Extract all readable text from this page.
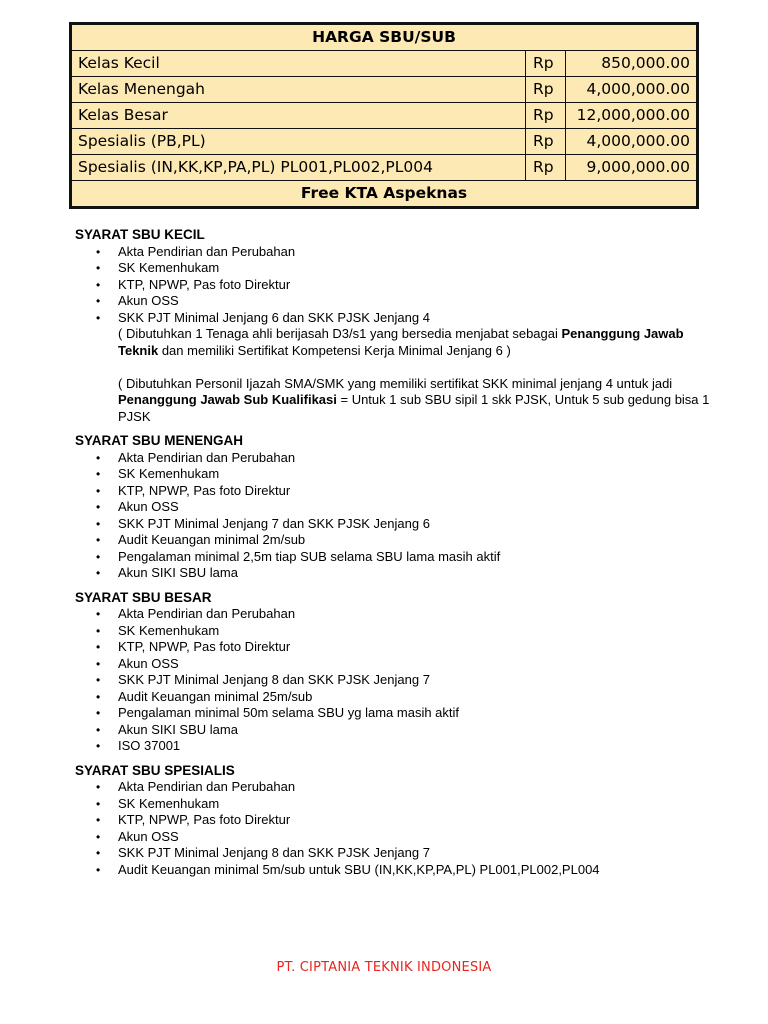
HARGA SBU/SUB		
Kelas Kecil	Rp	850,000.00
Kelas Menengah	Rp	4,000,000.00
Kelas Besar	Rp	12,000,000.00
Spesialis (PB,PL)	Rp	4,000,000.00
Spesialis (IN,KK,KP,PA,PL) PL001,PL002,PL004	Rp	9,000,000.00
Free KTA Aspeknas		

SYARAT SBU KECIL

• Akta Pendirian dan Perubahan
• SK Kemenhukam
• KTP, NPWP, Pas foto Direktur
• Akun OSS
• SKK PJT Minimal Jenjang 6 dan SKK PJSK Jenjang 4
( Dibutuhkan 1 Tenaga ahli berijasah D3/s1 yang bersedia menjabat sebagai Penanggung Jawab Teknik dan memiliki Sertifikat Kompetensi Kerja Minimal Jenjang 6 )
( Dibutuhkan Personil Ijazah SMA/SMK yang memiliki sertifikat SKK minimal jenjang 4 untuk jadi Penanggung Jawab Sub Kualifikasi = Untuk 1 sub SBU sipil 1 skk PJSK, Untuk 5 sub gedung bisa 1 PJSK

SYARAT SBU MENENGAH

• Akta Pendirian dan Perubahan
• SK Kemenhukam
• KTP, NPWP, Pas foto Direktur
• Akun OSS
• SKK PJT Minimal Jenjang 7 dan SKK PJSK Jenjang 6
• Audit Keuangan minimal 2m/sub
• Pengalaman minimal 2,5m tiap SUB selama SBU lama masih aktif
• Akun SIKI SBU lama

SYARAT SBU BESAR

• Akta Pendirian dan Perubahan
• SK Kemenhukam
• KTP, NPWP, Pas foto Direktur
• Akun OSS
• SKK PJT Minimal Jenjang 8 dan SKK PJSK Jenjang 7
• Audit Keuangan minimal 25m/sub
• Pengalaman minimal 50m selama SBU yg lama masih aktif
• Akun SIKI SBU lama
• ISO 37001

SYARAT SBU SPESIALIS

• Akta Pendirian dan Perubahan
• SK Kemenhukam
• KTP, NPWP, Pas foto Direktur
• Akun OSS
• SKK PJT Minimal Jenjang 8 dan SKK PJSK Jenjang 7
• Audit Keuangan minimal 5m/sub untuk SBU (IN,KK,KP,PA,PL) PL001,PL002,PL004
PT. CIPTANIA TEKNIK INDONESIA
